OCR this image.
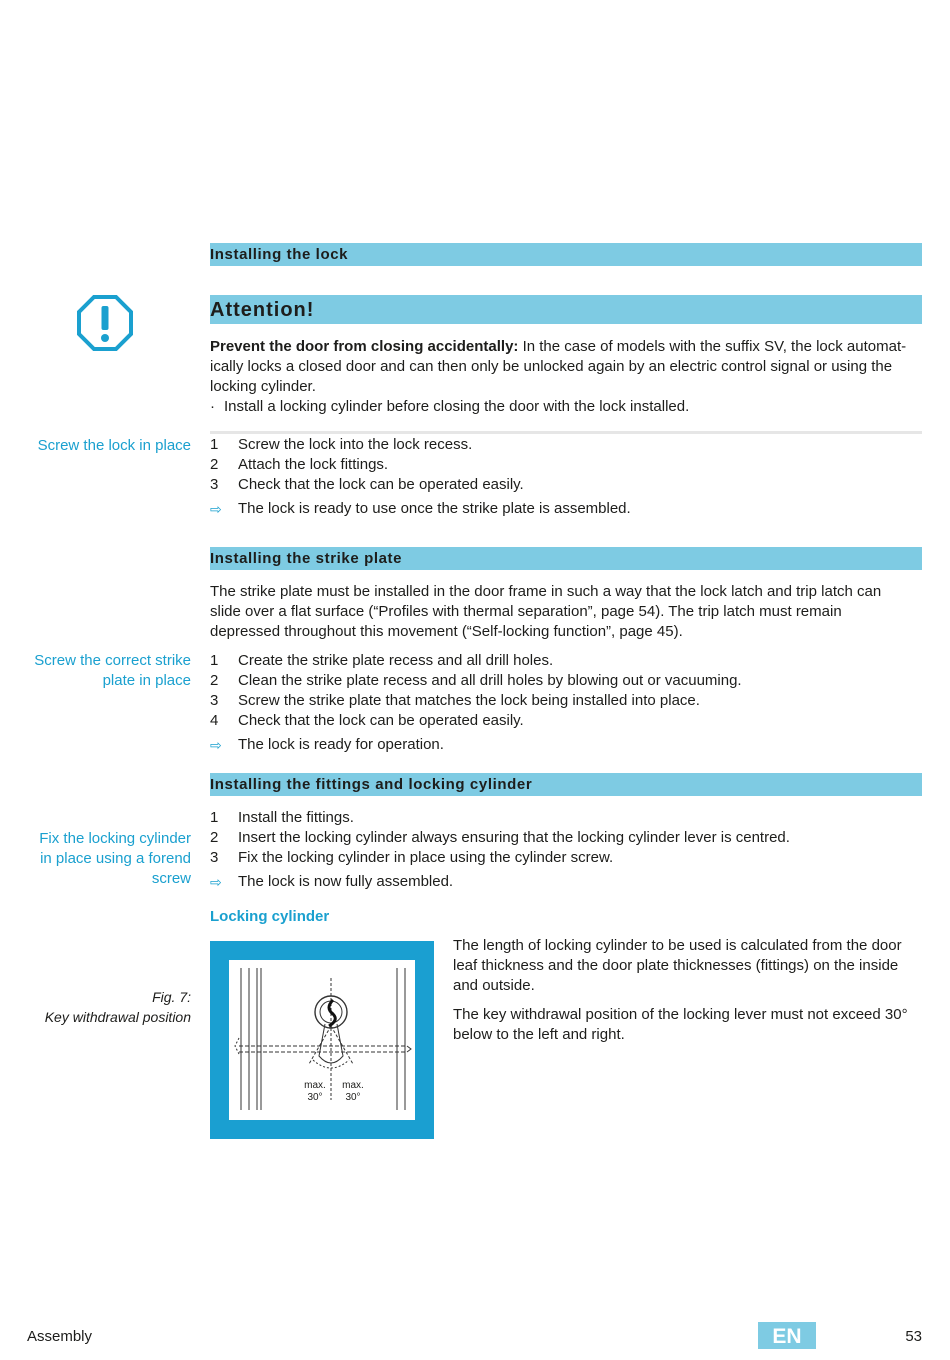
Installing the lock
Attention!
Prevent the door from closing accidentally: In the case of models with the suffix SV, the lock automat-
ically locks a closed door and can then only be unlocked again by an electric control signal or using the
locking cylinder.
· Install a locking cylinder before closing the door with the lock installed.
Screw the lock in place 1	Screw the lock into the lock recess.
2	Attach the lock fittings.
3	Check that the lock can be operated easily.
⇨	The lock is ready to use once the strike plate is assembled.
Installing the strike plate
The strike plate must be installed in the door frame in such a way that the lock latch and trip latch can
slide over a flat surface (“Profiles with thermal separation”, page 54). The trip latch must remain
depressed throughout this movement (“Self-locking function”, page 45).
Screw the correct strike
plate in place
1	Create the strike plate recess and all drill holes.
2	Clean the strike plate recess and all drill holes by blowing out or vacuuming.
3	Screw the strike plate that matches the lock being installed into place.
4	Check that the lock can be operated easily.
⇨	The lock is ready for operation.
Installing the fittings and locking cylinder
Fix the locking cylinder
in place using a forend
screw
1	Install the fittings.
2	Insert the locking cylinder always ensuring that the locking cylinder lever is centred.
3	Fix the locking cylinder in place using the cylinder screw.
⇨	The lock is now fully assembled.
Locking cylinder
Fig. 7:
Key withdrawal position
max.
30°
max.
30°
The length of locking cylinder to be used is calculated from the door
leaf thickness and the door plate thicknesses (fittings) on the inside
and outside.
The key withdrawal position of the locking lever must not exceed 30°
below to the left and right.
Assembly	EN	53
